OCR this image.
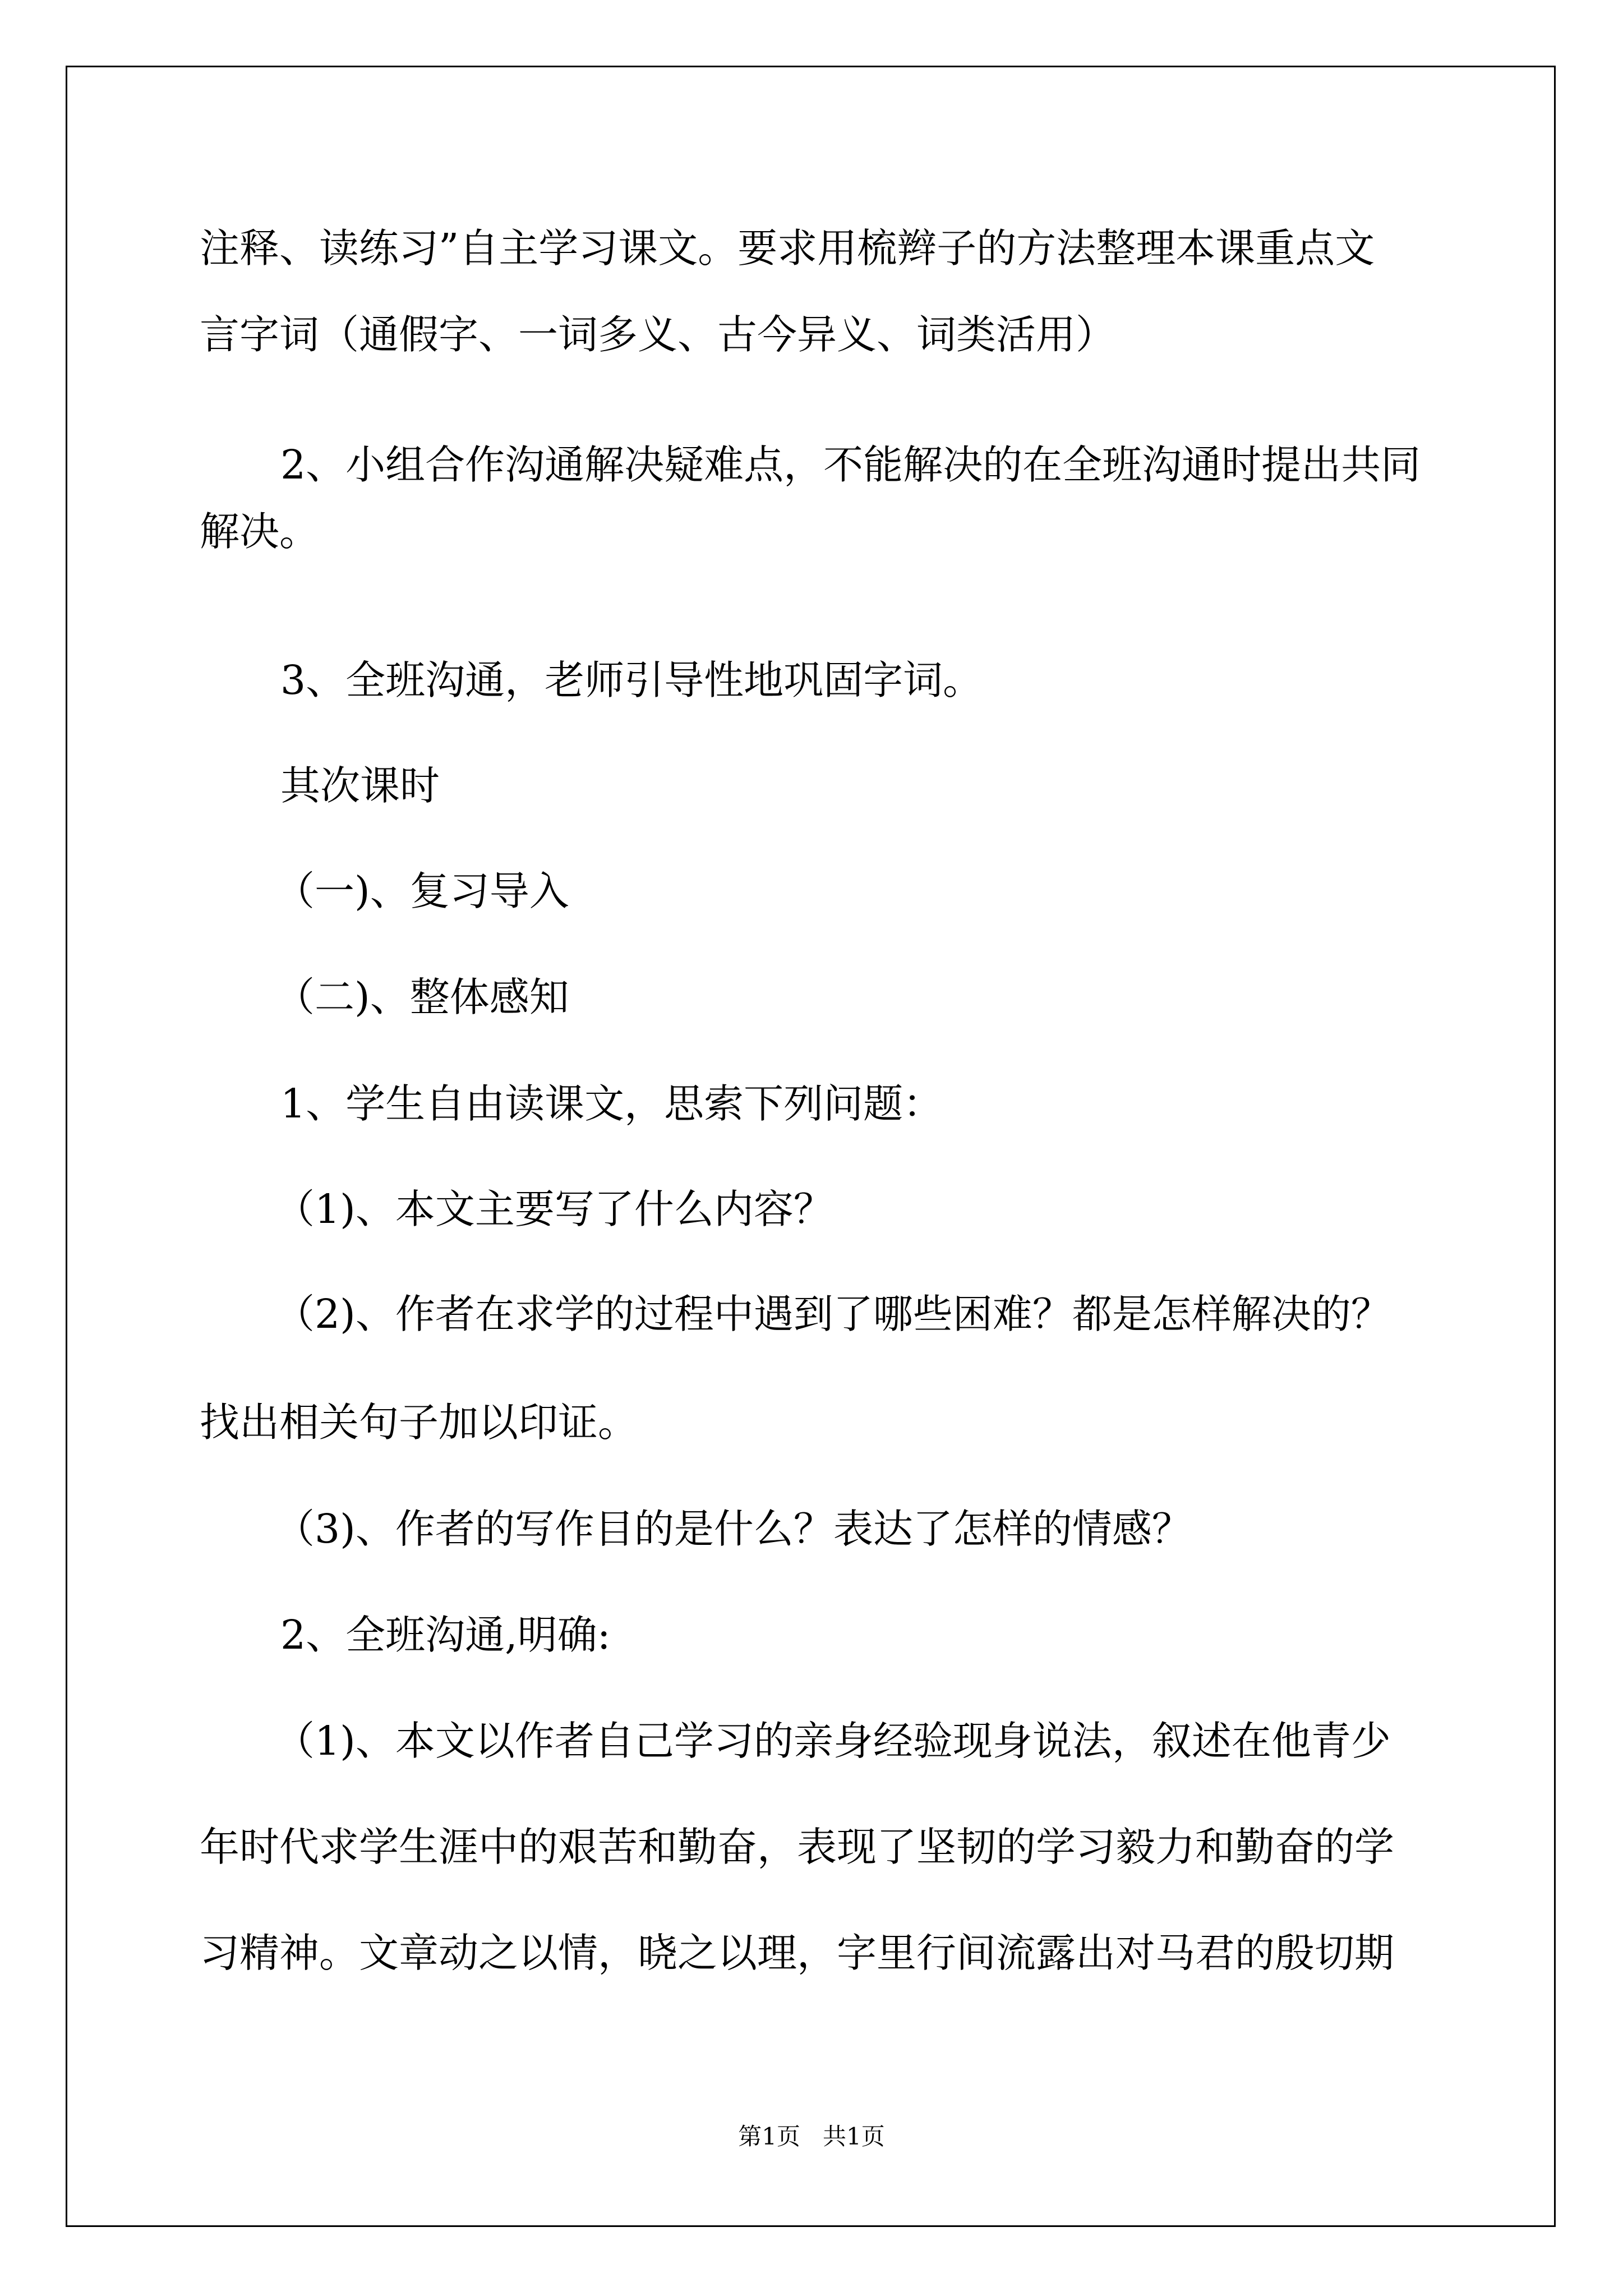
注释、读练习”自主学习课文。要求用梳辫子的方法整理本课重点文
言字词（通假字、一词多义、古今异义、词类活用）
2、小组合作沟通解决疑难点，不能解决的在全班沟通时提出共同
解决。
3、全班沟通，老师引导性地巩固字词。
其次课时
（一)、复习导入
（二)、整体感知
1、学生自由读课文，思索下列问题：
（1)、本文主要写了什么内容？
（2)、作者在求学的过程中遇到了哪些困难？都是怎样解决的？
找出相关句子加以印证。
（3)、作者的写作目的是什么？表达了怎样的情感？
2、全班沟通,明确:
（1)、本文以作者自己学习的亲身经验现身说法，叙述在他青少
年时代求学生涯中的艰苦和勤奋，表现了坚韧的学习毅力和勤奋的学
习精神。文章动之以情，晓之以理，字里行间流露出对马君的殷切期
第1页   共1页
